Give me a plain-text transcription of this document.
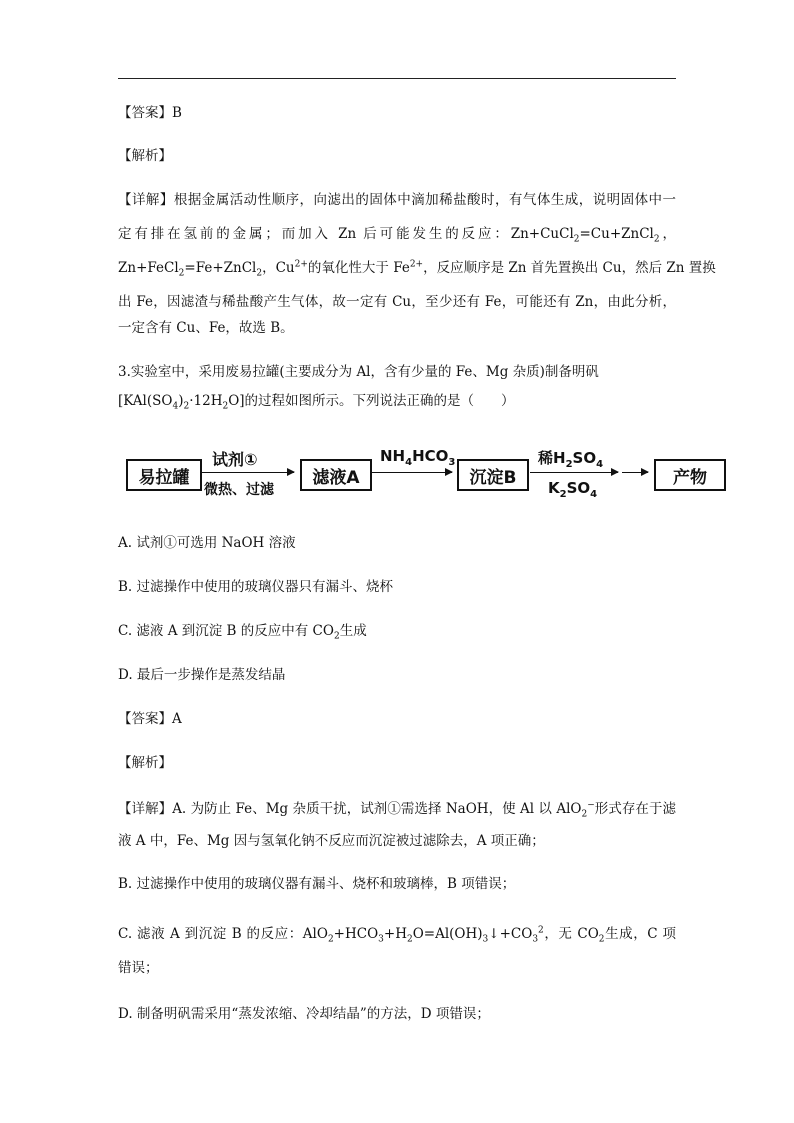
【答案】B
【解析】
【详解】根据金属活动性顺序，向滤出的固体中滴加稀盐酸时，有气体生成，说明固体中一
定有排在氢前的金属；而加入 Zn 后可能发生的反应：Zn+CuCl$_2$=Cu+ZnCl$_2$，
Zn+FeCl$_2$=Fe+ZnCl$_2$，$Cu^{2+}$的氧化性大于 $Fe^{2+}$，反应顺序是 Zn 首先置换出 Cu，然后 Zn 置换
出 Fe，因滤渣与稀盐酸产生气体，故一定有 Cu，至少还有 Fe，可能还有 Zn，由此分析，
一定含有 Cu、Fe，故选 B。
3.实验室中，采用废易拉罐(主要成分为 Al，含有少量的 Fe、Mg 杂质)制备明矾
$[KAl(SO_4)_2\cdot 12H_2O]$的过程如图所示。下列说法正确的是（　　）
易拉罐
试剂①
微热、过滤
滤液A
$NH_4HCO_3$
沉淀B
稀$H_2SO_4$
$K_2SO_4$
产物
A. 试剂①可选用 NaOH 溶液
B. 过滤操作中使用的玻璃仪器只有漏斗、烧杯
C. 滤液 A 到沉淀 B 的反应中有 $CO_2$生成
D. 最后一步操作是蒸发结晶
【答案】A
【解析】
【详解】A. 为防止 Fe、Mg 杂质干扰，试剂①需选择 NaOH，使 Al 以 AlO$_2$−形式存在于滤
液 A 中，Fe、Mg 因与氢氧化钠不反应而沉淀被过滤除去，A 项正确；
B. 过滤操作中使用的玻璃仪器有漏斗、烧杯和玻璃棒，B 项错误；
C. 滤液 A 到沉淀 B 的反应：$AlO_2+HCO_3+H_2O=Al(OH)_3↓+CO_3^2$，无 $CO_2$生成，C 项
错误；
D. 制备明矾需采用“蒸发浓缩、冷却结晶”的方法，D 项错误；
